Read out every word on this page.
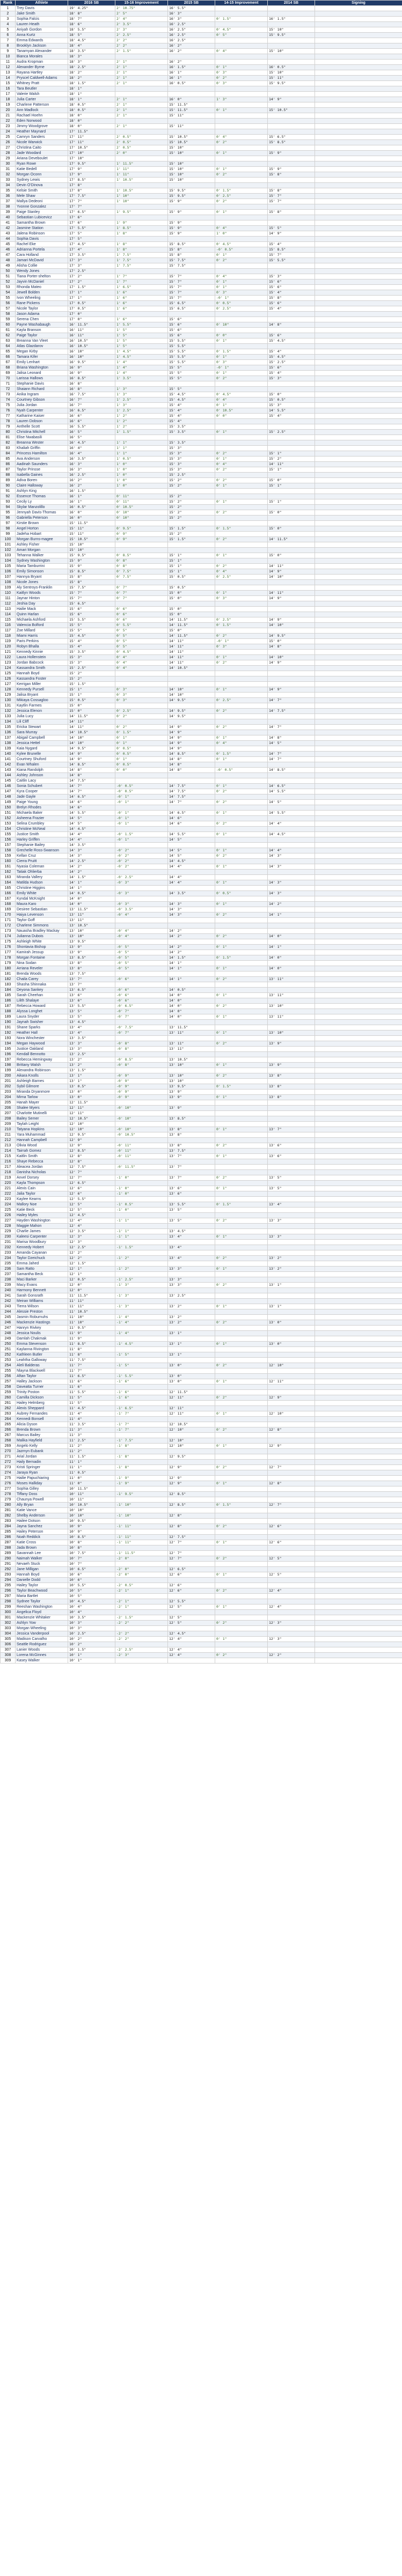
Rank	Athlete	2016 SB	15-16 Improvement	2015 SB	14-15 Improvement	2014 SB	Signing
1	Trey Davis	19' 4.25"	2' 10.75"	16' 5.5"			
2	Jake Smith	18' 8"	2' 5"	16' 3"			
3	Sophia Falcis	18' 7"	2' 4"	16' 3"	0' 1.5"	16' 1.5"	
4	Lauren Heath	18' 6"	2' 3.5"	16' 2.5"			
5	Aniyah Gordon	18' 5.5"	2' 3"	16' 2.5"	0' 4.5"	15' 10"	
6	Anna Kurtz	18' 5"	2' 2.5"	16' 2.5"	0' 5"	15' 9.5"	
7	Emma Edwards	18' 4.5"	2' 2"	16' 2.5"			
8	Brooklyn Jackson	18' 4"	2' 2"	16' 2"			
9	Tanamyan Alexander	18' 3.5"	2' 1.5"	16' 2"	0' 4"	15' 10"	
10	Bianca Morales	18' 3"					
11	Audra Kropman	18' 3"	2' 1"	16' 2"			
12	Alexander Byrne	18' 2.5"	2' 1"	16' 1.5"	0' 1"	16' 0.5"	
13	Rayana Hartley	18' 2"	2' 1"	16' 1"	0' 3"	15' 10"	
14	Pryscel Caldwell-Adams	18' 2"	2' 1"	16' 1"	0' 2"	15' 11"	
15	Whitney Pratt	18' 1.5"	2' 1"	16' 0.5"	0' 3"	15' 9.5"	
16	Tara Beutler	18' 1"					
17	Valerie Walsh	18' 1"					
18	Julia Carter	18' 1"	2' 1"	16' 0"	1' 3"	14' 9"	
19	Charlene Patterson	18' 0.5"	2' 1"	15' 11.5"			
20	Ann Madlock	18' 0.5"	2' 1"	15' 11.5"	0' 1"	15' 10.5"	
21	Rachael Hoehn	18' 0"	2' 1"	15' 11"			
22	Eden Norwood	18' 0"					
23	Jimmy Woodgrove	18' 0"	2' 1"	15' 11"			
24	Heather Maynard	17' 11.5"					
25	Camryn Sanders	17' 11"	2' 0.5"	15' 10.5"	0' 4"	15' 6.5"	
26	Nicole Warwick	17' 11"	2' 0.5"	15' 10.5"	0' 2"	15' 8.5"	
27	Christina Caito	17' 10.5"	2' 0.5"	15' 10"			
28	Jade Woodard	17' 10"	2' 0"	15' 10"	0' 1"	15' 9"	
29	Ariana Deveboulet	17' 10"					
30	Ryan Rowe	17' 9.5"	1' 11.5"	15' 10"			
31	Katie Bedell	17' 9"	1' 11"	15' 10"	0' 1"	15' 9"	
32	Morgan Oconn	17' 9"	1' 11"	15' 10"	0' 2"	15' 8"	
33	Sydney Lewis	17' 8.5"	1' 10.5"	15' 10"			
34	Devin O'Dinova	17' 8"					
35	Kelsie Smith	17' 8"	1' 10.5"	15' 9.5"	0' 1.5"	15' 8"	
36	Mele Shaw	17' 7.5"	1' 10"	15' 9.5"	0' 2.5"	15' 7"	
37	Mallya Dedeoni	17' 7"	1' 10"	15' 9"	0' 2"	15' 7"	
38	Yvonne Gonzalez	17' 7"					
39	Paige Stanley	17' 6.5"	1' 9.5"	15' 9"	0' 1"	15' 8"	
40	Sebastian Lubicevicz	17' 6"					
41	Samantha Brown	17' 6"	1' 9"	15' 9"			
42	Jasmine Station	17' 5.5"	1' 8.5"	15' 9"	0' 4"	15' 5"	
43	Jalena Robinson	17' 5"	1' 8"	15' 9"	1' 0"	14' 9"	
44	Sophia Davis	17' 5"					
45	Rachel Eke	17' 4.5"	1' 8"	15' 8.5"	0' 4.5"	15' 4"	
46	Adrianna Portela	17' 4"	1' 8"	15' 8"	-0' 0.5"	15' 8.5"	
47	Cara Holland	17' 3.5"	1' 7.5"	15' 8"	0' 1"	15' 7"	
48	Jamari McDavid	17' 3"	1' 7.5"	15' 7.5"	0' 2"	15' 5.5"	
49	Alisha Collie	17' 3"	1' 7.5"	15' 7.5"			
50	Wendy Jones	17' 2.5"					
51	Tiana Porter-shelton	17' 2"	1' 7"	15' 7"	0' 4"	15' 3"	
52	Jayvin McDaniel	17' 2"	1' 7"	15' 7"	0' 1"	15' 6"	
53	Rhonda Mateo	17' 1.5"	1' 6.5"	15' 7"	0' 1"	15' 6"	
54	Jewell Bolden	17' 1"	1' 6"	15' 7"	0' 3"	15' 4"	
55	Ivon Wheeling	17' 1"	1' 6"	15' 7"	-0' 1"	15' 8"	
56	Rane Pickens	17' 0.5"	1' 6"	15' 6.5"	0' 0.5"	15' 6"	
57	Nicole Taylor	17' 0.5"	1' 6"	15' 6.5"	0' 2.5"	15' 4"	
58	Jason Adama	17' 0"					
59	Serena Chen	17' 0"	1' 6"	15' 6"			
60	Payne Washabaugh	16' 11.5"	1' 5.5"	15' 6"	0' 10"	14' 8"	
61	Kayla Branson	16' 11"	1' 5"	15' 6"			
62	Paige Taylor	16' 11"	1' 5"	15' 6"	0' 0"	15' 6"	
63	Breanna Van Vleet	16' 10.5"	1' 5"	15' 5.5"	0' 1"	15' 4.5"	
64	Atlas Glazdarov	16' 10.5"	1' 5"	15' 5.5"			
65	Megan Kirby	16' 10"	1' 4.5"	15' 5.5"	0' 1.5"	15' 4"	
66	Tamara Kifer	16' 10"	1' 4.5"	15' 5.5"	0' 1"	15' 4.5"	
67	Emily Lenhart	16' 9.5"	1' 4"	15' 5.5"	0' 3"	15' 2.5"	
68	Briana Washington	16' 9"	1' 4"	15' 5"	-0' 1"	15' 6"	
69	Jalisa Leonard	16' 9"	1' 4"	15' 5"	0' 1"	15' 4"	
70	Larissa Hallows	16' 8.5"	1' 3.5"	15' 5"	0' 2"	15' 3"	
71	Stephanie Davis	16' 8"					
72	Shaiann Richard	16' 8"	1' 3"	15' 5"			
73	Anika Ingram	16' 7.5"	1' 3"	15' 4.5"	0' 4.5"	15' 0"	
74	Courtney Gibson	16' 7"	1' 2.5"	15' 4.5"	0' 4"	15' 0.5"	
75	Julia Jordan	16' 7"	1' 3"	15' 4"	0' 1"	15' 3"	
76	Nyah Carpenter	16' 6.5"	1' 2.5"	15' 4"	0' 10.5"	14' 5.5"	
77	Katharine Kaiser	16' 6"	1' 2"	15' 4"	0' 0"	15' 4"	
78	Lauren Dobson	16' 6"	1' 2"	15' 4"			
79	Anthelle Scott	16' 5.5"	1' 2"	15' 3.5"			
80	Christina Mitchell	16' 5"	1' 1.5"	15' 3.5"	0' 1"	15' 2.5"	
81	Elise Nwabasili	16' 5"					
82	Breanna Wester	16' 4.5"	1' 1"	15' 3.5"			
83	Khaliah Griffin	16' 4"	1' 1"	15' 3"			
84	Princess Hamilton	16' 4"	1' 1"	15' 3"	0' 2"	15' 1"	
85	Ava Anderson	16' 3.5"	1' 0.5"	15' 3"	0' 1"	15' 2"	
86	Aadinah Saunders	16' 3"	1' 0"	15' 3"	0' 4"	14' 11"	
87	Taylor Prinsse	16' 3"	1' 0"	15' 3"	0' 2"	15' 1"	
88	Isabella Gaines	16' 2.5"	1' 0"	15' 2.5"			
89	Adiva Boren	16' 2"	1' 0"	15' 2"	0' 2"	15' 0"	
90	Claire Halloway	16' 2"	1' 0"	15' 2"	0' 1"	15' 1"	
91	Ashlyn King	16' 1.5"					
92	Essence Thomas	16' 1"	0' 11"	15' 2"			
93	Cecily Ly	16' 1"	0' 11"	15' 2"	0' 1"	15' 1"	
94	Skylar Manzolillo	16' 0.5"	0' 10.5"	15' 2"			
95	Jennyah Davis-Thomas	16' 0"	0' 10"	15' 2"	0' 2"	15' 0"	
96	Gabriella Peterson	16' 0"	0' 10"	15' 2"			
97	Kirstie Brown	15' 11.5"					
98	Angel Horton	15' 11"	0' 9.5"	15' 1.5"	0' 1.5"	15' 0"	
99	Jadeha Hobart	15' 11"	0' 9"	15' 2"			
100	Morgan Burns-magee	15' 10.5"	0' 9"	15' 1.5"	0' 2"	14' 11.5"	
101	Ashley Fisher	15' 10"					
102	Amari Morgan	15' 10"					
103	Tehanna Walker	15' 9.5"	0' 8.5"	15' 1"	0' 1"	15' 0"	
104	Sydney Washington	15' 9"	0' 8"	15' 1"			
105	Maria Tamburrini	15' 9"	0' 8"	15' 1"	0' 2"	14' 11"	
106	Emily Simonson	15' 8.5"	0' 7.5"	15' 1"	0' 4"	14' 9"	
107	Hannya Bryant	15' 8"	0' 7.5"	15' 0.5"	0' 2.5"	14' 10"	
108	Nicole Jones	15' 8"					
109	Aly Sentroys-Franklin	15' 7.5"	0' 7"	15' 0.5"			
110	Kaitlyn Woods	15' 7"	0' 7"	15' 0"	0' 1"	14' 11"	
111	Jaynar Hinton	15' 7"	0' 7"	15' 0"	0' 3"	14' 9"	
112	Jeshia Day	15' 6.5"					
113	Hailie Mack	15' 6"	0' 6"	15' 0"			
114	Quinn Harlan	15' 6"	0' 6"	15' 0"			
115	Michaela Ashford	15' 5.5"	0' 6"	14' 11.5"	0' 2.5"	14' 9"	
116	Valencia Bolford	15' 5"	0' 5.5"	14' 11.5"	0' 1.5"	14' 10"	
117	Zoe Millard	15' 5"	0' 5"	15' 0"			
118	Miami Harris	15' 4.5"	0' 5"	14' 11.5"	0' 2"	14' 9.5"	
119	Paris Perkins	15' 4"	0' 5"	14' 11"	-0' 1"	15' 0"	
120	Robyn Bhalla	15' 4"	0' 5"	14' 11"	0' 3"	14' 8"	
121	Kennedy Kinnie	15' 3.5"	0' 4.5"	14' 11"			
122	Laura Hollenstein	15' 3"	0' 4"	14' 11"	0' 1"	14' 10"	
123	Jordan Babcock	15' 3"	0' 4"	14' 11"	0' 2"	14' 9"	
124	Kassandra Smith	15' 2.5"	0' 4"	14' 10.5"			
125	Hannah Boyd	15' 2"					
126	Kassandra Foster	15' 2"					
127	Kerrigan Miller	15' 1.5"					
128	Kennedy Pursell	15' 1"	0' 3"	14' 10"	0' 1"	14' 9"	
129	Jalisa Bryant	15' 1"	0' 3"	14' 10"			
130	Mikiaya Cossagloo	15' 0.5"	0' 3"	14' 9.5"	0' 2.5"	14' 7"	
131	Kaytlin Farmes	15' 0"					
132	Jessica Elenon	15' 0"	0' 2.5"	14' 9.5"	0' 2"	14' 7.5"	
133	Julia Lucy	14' 11.5"	0' 2"	14' 9.5"			
134	Lili Cliff	14' 11"					
135	Ericka Stewart	14' 11"	0' 2"	14' 9"	0' 2"	14' 7"	
136	Sara Murray	14' 10.5"	0' 1.5"	14' 9"			
137	Abigail Campbell	14' 10"	0' 1"	14' 9"	0' 1"	14' 8"	
138	Jessica Hettel	14' 10"	0' 1"	14' 9"	0' 4"	14' 5"	
139	Kaia Nygard	14' 9.5"	0' 0.5"	14' 9"			
140	Kylee Brunelle	14' 9"	0' 0.5"	14' 8.5"	0' 1.5"	14' 7"	
141	Courtney Shuford	14' 9"	0' 1"	14' 8"	0' 1"	14' 7"	
142	Evan Whalen	14' 8.5"	0' 0.5"	14' 8"			
143	Kiana Randolph	14' 8"	0' 0"	14' 8"	-0' 0.5"	14' 8.5"	
144	Ashley Johnson	14' 8"					
145	Caitlin Lacy	14' 7.5"					
146	Sonia Schubert	14' 7"	-0' 0.5"	14' 7.5"	0' 1"	14' 6.5"	
147	Kyra Cooper	14' 7"	-0' 0.5"	14' 7.5"	0' 2"	14' 5.5"	
148	Jade Gayle	14' 6.5"	-0' 1"	14' 7.5"			
149	Paige Young	14' 6"	-0' 1"	14' 7"	0' 2"	14' 5"	
150	Brelyn Rhodes	14' 6"					
151	Michaela Baker	14' 5.5"	-0' 1"	14' 6.5"	0' 1"	14' 5.5"	
152	Asheena Frazier	14' 5"	-0' 1"	14' 6"			
153	Selina Crumbley	14' 5"	-0' 1"	14' 6"	0' 2"	14' 4"	
154	Christine McNeal	14' 4.5"					
155	Justice Smith	14' 4"	-0' 1.5"	14' 5.5"	0' 1"	14' 4.5"	
156	Harley Griffen	14' 4"	-0' 1"	14' 5"			
157	Stephanie Bailey	14' 3.5"					
158	Grechelle Ross-Swanson	14' 3"	-0' 2"	14' 5"	0' 1"	14' 4"	
159	Kellan Cruz	14' 3"	-0' 2"	14' 5"	0' 2"	14' 3"	
160	Cierra Pruitt	14' 2.5"	-0' 2"	14' 4.5"			
161	Nyasia Coleman	14' 2"	-0' 2"	14' 4"	0' 1"	14' 3"	
162	Tatiak Ohlierba	14' 2"					
163	Miranda Vallery	14' 1.5"	-0' 2.5"	14' 4"			
164	Matilda Hudson	14' 1"	-0' 3"	14' 4"	0' 1"	14' 3"	
165	Christine Higgins	14' 1"					
166	Emily White	14' 0.5"	-0' 3"	14' 3.5"	0' 0.5"	14' 3"	
167	Kyndal McKnight	14' 0"					
168	Maura Karo	14' 0"	-0' 3"	14' 3"	0' 1"	14' 2"	
169	Desiree Sebastian	13' 11.5"	-0' 3.5"	14' 3"			
170	Haiya Levenson	13' 11"	-0' 4"	14' 3"	0' 2"	14' 1"	
171	Taylor Goff	13' 11"					
172	Charlene Simmons	13' 10.5"					
173	Nauasha Bradley Mackay	13' 10"	-0' 4"	14' 2"			
174	Julianna Dubois	13' 10"	-0' 4"	14' 2"	0' 2"	14' 0"	
175	Ashleigh White	13' 9.5"					
176	Shontavia Bishop	13' 9"	-0' 5"	14' 2"	0' 1"	14' 1"	
177	Kamirah Jessup	13' 9"	-0' 5"	14' 2"			
178	Morgan Fontaine	13' 8.5"	-0' 5"	14' 1.5"	0' 1.5"	14' 0"	
179	Nina Sodan	13' 8"	-0' 5"	14' 1"			
180	Arriana Reveler	13' 8"	-0' 5"	14' 1"	0' 1"	14' 0"	
181	Brenda Woods	13' 7.5"					
182	Chaila Carey	13' 7"	-0' 6"	14' 1"	0' 2"	13' 11"	
183	Shasha Shinnaka	13' 7"					
184	Deyona Sankey	13' 6.5"	-0' 6"	14' 0.5"			
185	Sarah Cheehan	13' 6"	-0' 6"	14' 0"	0' 1"	13' 11"	
186	Lilith Shalaye	13' 6"	-0' 6"	14' 0"			
187	Rebecca Howard	13' 5.5"	-0' 6.5"	14' 0"	0' 2"	13' 10"	
188	Alyssa Longhet	13' 5"	-0' 7"	14' 0"			
189	Laura Snyder	13' 5"	-0' 7"	14' 0"	0' 1"	13' 11"	
190	Jaynah Swisher	13' 4.5"					
191	Shane Sparks	13' 4"	-0' 7.5"	13' 11.5"			
192	Heather Hall	13' 4"	-0' 7"	13' 11"	0' 1"	13' 10"	
193	Nora Winchester	13' 3.5"					
194	Megan Haywood	13' 3"	-0' 8"	13' 11"	0' 2"	13' 9"	
195	Justice Oakland	13' 3"	-0' 8"	13' 11"			
196	Kendall Bennotto	13' 2.5"					
197	Rebecca Hemingway	13' 2"	-0' 8.5"	13' 10.5"			
198	Brittany Walsh	13' 2"	-0' 8"	13' 10"	0' 1"	13' 9"	
199	Alexandra Robinson	13' 1.5"					
200	Aikara Knolls	13' 1"	-0' 9"	13' 10"	0' 2"	13' 8"	
201	Ashleigh Barnes	13' 1"	-0' 9"	13' 10"			
202	Sybil Gilmore	13' 0.5"	-0' 9"	13' 9.5"	0' 1.5"	13' 8"	
203	Miranda Dryanmore	13' 0"	-0' 9"	13' 9"			
204	Mirna Tarlow	13' 0"	-0' 9"	13' 9"	0' 1"	13' 8"	
205	Hanah Mayer	12' 11.5"					
206	Shalee Myers	12' 11"	-0' 10"	13' 9"			
207	Charlotte Mutinelli	12' 11"					
208	Bailey Semer	12' 10.5"	-0' 10"	13' 8.5"			
209	Taylah Leight	12' 10"					
210	Tatyana Hopkins	12' 10"	-0' 10"	13' 8"	0' 1"	13' 7"	
211	Yara Muhammad	12' 9.5"	-0' 10.5"	13' 8"			
212	Hannah Campbell	12' 9"					
213	Olivia Wood	12' 9"	-0' 11"	13' 8"	0' 2"	13' 6"	
214	Tairrah Gomez	12' 8.5"	-0' 11"	13' 7.5"			
215	Kaitlin Smith	12' 8"	-0' 11"	13' 7"	0' 1"	13' 6"	
216	Shaye Rebecca	12' 8"					
217	Aleacea Jordan	12' 7.5"	-0' 11.5"	13' 7"			
218	Danisha Nicholas	12' 7"					
219	Anvel Dorsey	12' 7"	-1' 0"	13' 7"	0' 2"	13' 5"	
220	Kayla Thompson	12' 6.5"					
221	Alexis Cain	12' 6"	-1' 0"	13' 6"	0' 1"	13' 5"	
222	Jalia Taylor	12' 6"	-1' 0"	13' 6"			
223	Kaylee Kearns	12' 5.5"					
224	Mallory Noe	12' 5"	-1' 0.5"	13' 5.5"	0' 1.5"	13' 4"	
225	Katie Beck	12' 5"	-1' 0"	13' 5"			
226	Hailey Myles	12' 4.5"					
227	Hayden Washington	12' 4"	-1' 1"	13' 5"	0' 2"	13' 3"	
228	Maggie Mahon	12' 4"					
229	Charlie James	12' 3.5"	-1' 1"	13' 4.5"			
230	Kaleesi Carpenter	12' 3"	-1' 1"	13' 4"	0' 1"	13' 3"	
231	Marisa Woodbury	12' 3"					
232	Kennedy Hobert	12' 2.5"	-1' 1.5"	13' 4"			
233	Amanda Cayanan	12' 2"					
234	Taylor Dzeichuck	12' 2"	-1' 2"	13' 4"	0' 2"	13' 2"	
235	Emma Jahed	12' 1.5"					
236	Sam Ratto	12' 1"	-1' 2"	13' 3"	0' 1"	13' 2"	
237	Samantha Beck	12' 1"					
238	Maci Barker	12' 0.5"	-1' 2.5"	13' 3"			
239	Macy Evans	12' 0"	-1' 3"	13' 3"	0' 2"	13' 1"	
240	Harmony Bennett	12' 0"					
241	Sarah Gonsrath	11' 11.5"	-1' 3"	13' 2.5"			
242	Meiran Williams	11' 11"					
243	Tierra Wilson	11' 11"	-1' 3"	13' 2"	0' 1"	13' 1"	
244	Alessie Preston	11' 10.5"					
245	Jasmin Roburnuhs	11' 10"	-1' 4"	13' 2"			
246	Mackenzie Hastings	11' 10"	-1' 4"	13' 2"	0' 2"	13' 0"	
247	Hanryn Rivkey	11' 9.5"					
248	Jessica Noulis	11' 9"	-1' 4"	13' 1"			
249	Damlah Chakmak	11' 9"					
250	Emma Stevenson	11' 8.5"	-1' 4.5"	13' 1"	0' 1"	13' 0"	
251	Kaylanna Rivington	11' 8"					
252	Kathleen Butler	11' 8"	-1' 5"	13' 1"			
253	Leahtha Galloway	11' 7.5"					
254	Aleli Balderas	11' 7"	-1' 5"	13' 0"	0' 2"	12' 10"	
255	Nlayna Blackwell	11' 7"					
256	Aftan Taylor	11' 6.5"	-1' 5.5"	13' 0"			
257	Halley Jackson	11' 6"	-1' 6"	13' 0"	0' 1"	12' 11"	
258	Daveatta Turner	11' 6"					
259	Trinity Poston	11' 5.5"	-1' 6"	12' 11.5"			
260	Camilla Dickson	11' 5"	-1' 6"	12' 11"	0' 2"	12' 9"	
261	Hailey Helmberg	11' 5"					
262	Alexis Sheppard	11' 4.5"	-1' 6.5"	12' 11"			
263	Aubrey Fernandes	11' 4"	-1' 7"	12' 11"	0' 1"	12' 10"	
264	Kennedi Bonsell	11' 4"					
265	Alicia Dyson	11' 3.5"	-1' 7"	12' 10.5"			
266	Brenda Brown	11' 3"	-1' 7"	12' 10"	0' 2"	12' 8"	
267	Marcus Bailey	11' 3"					
268	Malika Hayfield	11' 2.5"	-1' 7.5"	12' 10"			
269	Angelo Kelly	11' 2"	-1' 8"	12' 10"	0' 1"	12' 9"	
270	Jazmyn Eubank	11' 2"					
271	Arial Jordan	11' 1.5"	-1' 8"	12' 9.5"			
272	Haily Bernadin	11' 1"					
273	Kristi Springer	11' 1"	-1' 8"	12' 9"	0' 2"	12' 7"	
274	Jaraya Ryan	11' 0.5"					
275	Hailie Papuchiaring	11' 0"	-1' 9"	12' 9"			
276	Moses Halliday	11' 0"	-1' 9"	12' 9"	0' 1"	12' 8"	
277	Sophia Gilley	10' 11.5"					
278	Tiffany Doss	10' 11"	-1' 9.5"	12' 8.5"			
279	Chaunya Powell	10' 11"					
280	Ally Bryan	10' 10.5"	-1' 10"	12' 8.5"	0' 1.5"	12' 7"	
281	Katie Vance	10' 10"					
282	Shelby Anderson	10' 10"	-1' 10"	12' 8"			
283	Hailee Dotson	10' 9.5"					
284	Jayna Sanchez	10' 9"	-1' 11"	12' 8"	0' 2"	12' 6"	
285	Hailey Peterson	10' 9"					
286	Noah Reddick	10' 8.5"	-1' 11"	12' 7.5"			
287	Katie Cross	10' 8"	-1' 11"	12' 7"	0' 1"	12' 6"	
288	Jada Brown	10' 8"					
289	Savannah Lee	10' 7.5"	-1' 11.5"	12' 7"			
290	Naimah Walker	10' 7"	-2' 0"	12' 7"	0' 2"	12' 5"	
291	Nevaeh Stuck	10' 7"					
292	Jane Milligan	10' 6.5"	-2' 0"	12' 6.5"			
293	Hannah Boyd	10' 6"	-2' 0"	12' 6"	0' 1"	12' 5"	
294	Danielle Dodd	10' 6"					
295	Hailey Taylor	10' 5.5"	-2' 0.5"	12' 6"			
296	Taylor Beachwood	10' 5"	-2' 1"	12' 6"	0' 2"	12' 4"	
297	Maria Bartlet	10' 5"					
298	Sydnee Taylor	10' 4.5"	-2' 1"	12' 5.5"			
299	Reeshan Washington	10' 4"	-2' 1"	12' 5"	0' 1"	12' 4"	
300	Angelica Floyd	10' 4"					
301	Mackenzie Whitaker	10' 3.5"	-2' 1.5"	12' 5"			
302	Ashlyn Yow	10' 3"	-2' 2"	12' 5"	0' 2"	12' 3"	
303	Morgan Wheeling	10' 3"					
304	Jessica Vanderpool	10' 2.5"	-2' 2"	12' 4.5"			
305	Madison Carvalho	10' 2"	-2' 2"	12' 4"	0' 1"	12' 3"	
306	Seattle Rodriguez	10' 2"					
307	Lanier Woods	10' 1.5"	-2' 2.5"	12' 4"			
308	Lorena McGinnes	10' 1"	-2' 3"	12' 4"	0' 2"	12' 2"	
309	Kasey Walker	10' 1"					
